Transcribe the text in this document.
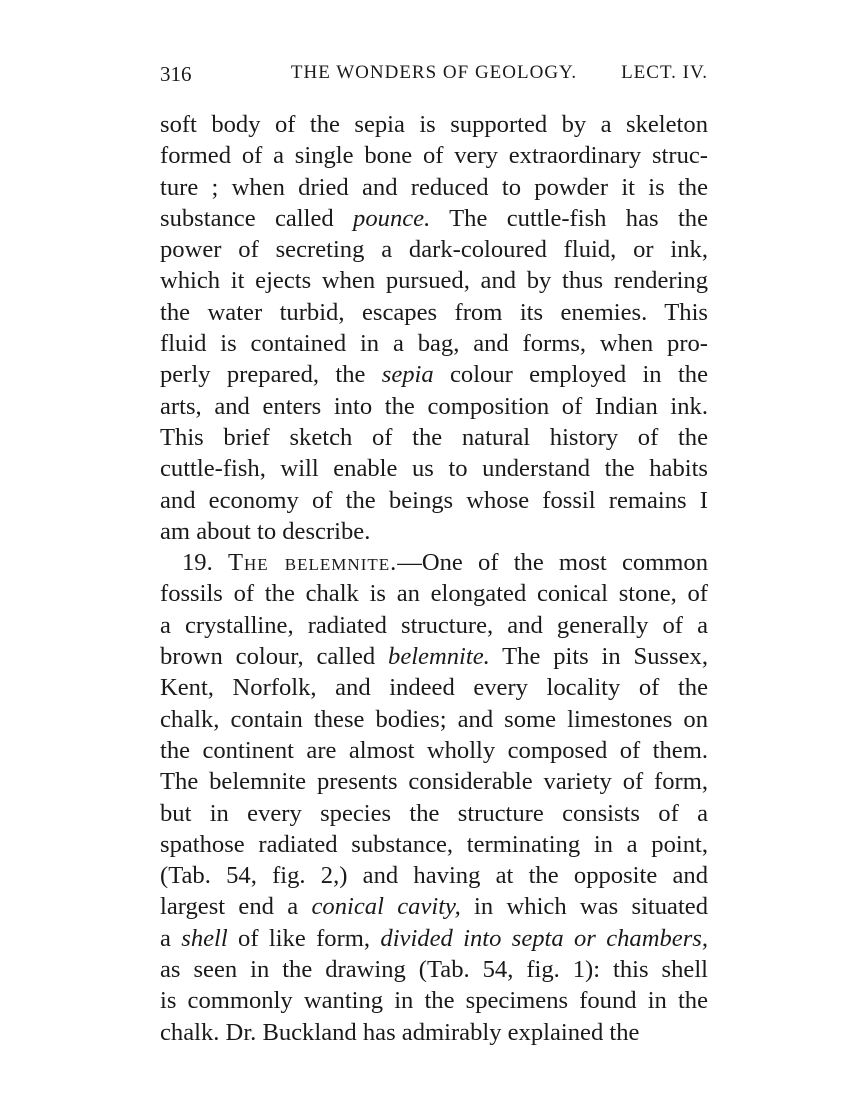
316	THE WONDERS OF GEOLOGY.	LECT. IV.
soft body of the sepia is supported by a skeleton
formed of a single bone of very extraordinary struc-
ture ; when dried and reduced to powder it is the
substance called pounce. The cuttle-fish has the
power of secreting a dark-coloured fluid, or ink,
which it ejects when pursued, and by thus rendering
the water turbid, escapes from its enemies. This
fluid is contained in a bag, and forms, when pro-
perly prepared, the sepia colour employed in the
arts, and enters into the composition of Indian ink.
This brief sketch of the natural history of the
cuttle-fish, will enable us to understand the habits
and economy of the beings whose fossil remains I
am about to describe.
19. The belemnite.—One of the most common
fossils of the chalk is an elongated conical stone, of
a crystalline, radiated structure, and generally of a
brown colour, called belemnite. The pits in Sussex,
Kent, Norfolk, and indeed every locality of the
chalk, contain these bodies; and some limestones on
the continent are almost wholly composed of them.
The belemnite presents considerable variety of form,
but in every species the structure consists of a
spathose radiated substance, terminating in a point,
(Tab. 54, fig. 2,) and having at the opposite and
largest end a conical cavity, in which was situated
a shell of like form, divided into septa or chambers,
as seen in the drawing (Tab. 54, fig. 1): this shell
is commonly wanting in the specimens found in the
chalk. Dr. Buckland has admirably explained the
